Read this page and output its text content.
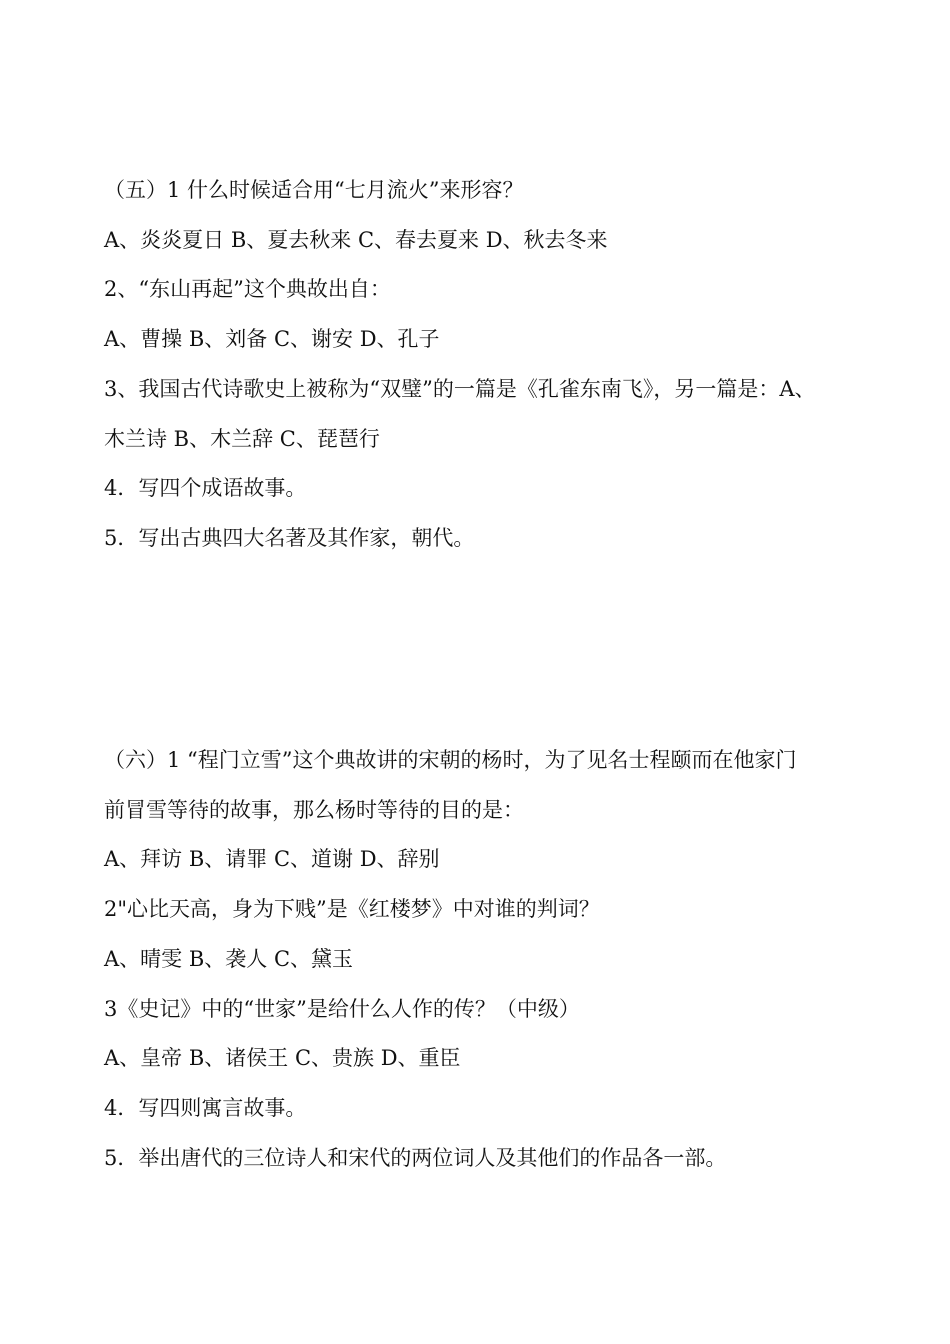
（五）1 什么时候适合用“七月流火”来形容？

A、炎炎夏日 B、夏去秋来 C、春去夏来 D、秋去冬来

2、“东山再起”这个典故出自：

A、曹操 B、刘备 C、谢安 D、孔子

3、我国古代诗歌史上被称为“双璧”的一篇是《孔雀东南飞》，另一篇是：A、

木兰诗 B、木兰辞 C、琵琶行

4．写四个成语故事。

5．写出古典四大名著及其作家，朝代。

（六）1 “程门立雪”这个典故讲的宋朝的杨时，为了见名士程颐而在他家门

前冒雪等待的故事，那么杨时等待的目的是：

A、拜访 B、请罪 C、道谢 D、辞别

2"心比天高，身为下贱”是《红楼梦》中对谁的判词？

A、晴雯 B、袭人 C、黛玉

3《史记》中的“世家”是给什么人作的传？（中级）

A、皇帝 B、诸侯王 C、贵族 D、重臣

4．写四则寓言故事。

5．举出唐代的三位诗人和宋代的两位词人及其他们的作品各一部。
